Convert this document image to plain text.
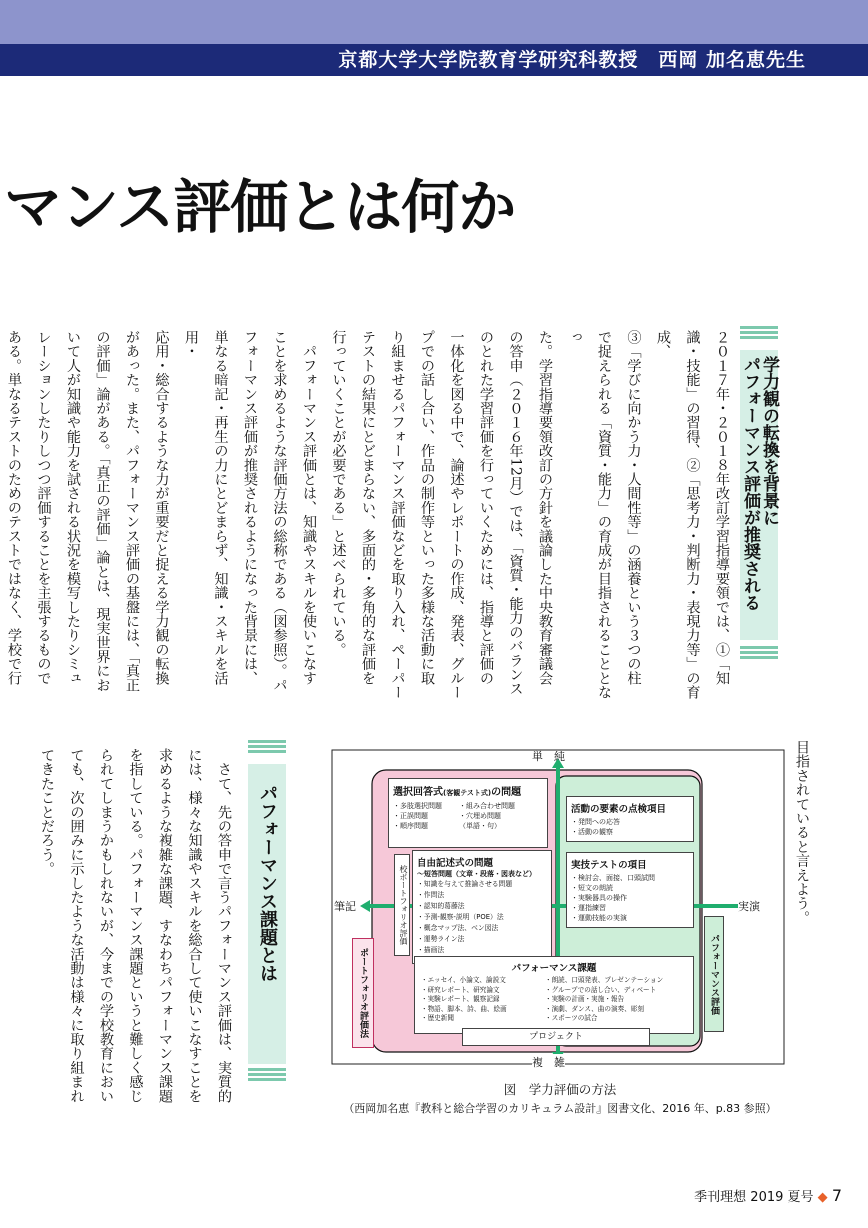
京都大学大学院教育学研究科教授　西岡 加名恵先生
マンス評価とは何か
学力観の転換を背景に
パフォーマンス評価が推奨される
２０１７年・２０１８年改訂学習指導要領では、①「知
識・技能」の習得、②「思考力・判断力・表現力等」の育成、
③「学びに向かう力・人間性等」の涵養という３つの柱
で捉えられる「資質・能力」の育成が目指されることとなっ
た。学習指導要領改訂の方針を議論した中央教育審議会
の答申（２０１６年12月）では、「資質・能力のバランス
のとれた学習評価を行っていくためには、指導と評価の
一体化を図る中で、論述やレポートの作成、発表、グルー
プでの話し合い、作品の制作等といった多様な活動に取
り組ませるパフォーマンス評価などを取り入れ、ペーパー
テストの結果にとどまらない、多面的・多角的な評価を
行っていくことが必要である」と述べられている。
　パフォーマンス評価とは、知識やスキルを使いこなす
ことを求めるような評価方法の総称である（図参照）。パ
フォーマンス評価が推奨されるようになった背景には、
単なる暗記・再生の力にとどまらず、知識・スキルを活用・
応用・総合するような力が重要だと捉える学力観の転換
があった。また、パフォーマンス評価の基盤には、「真正
の評価」論がある。「真正の評価」論とは、現実世界にお
いて人が知識や能力を試される状況を模写したりシミュ
レーションしたりしつつ評価することを主張するもので
ある。単なるテストのためのテストではなく、学校で行

目指されていると言えよう。
パフォーマンス課題とは
　さて、先の答申で言うパフォーマンス評価は、実質的
には、様々な知識やスキルを総合して使いこなすことを
求めるような複雑な課題、すなわちパフォーマンス課題
を指している。パフォーマンス課題というと難しく感じ
られてしまうかもしれないが、今までの学校教育におい
ても、次の囲みに示したような活動は様々に取り組まれ
てきたことだろう。	単　純
複　雑
筆記	実演
選択回答式(客観テスト式)の問題
・多肢選択問題
・正誤問題
・順序問題
・組み合わせ問題
・穴埋め問題
（単語・句）
活動の要素の点検項目
・発問への応答
・活動の観察
校ポートフォリオ評価
自由記述式の問題
〜短答問題（文章・段落・図表など）
・知識を与えて推論させる問題
・作問法
・認知的葛藤法
・予測‐観察‐説明（POE）法
・概念マップ法、ベン図法
・運勢ライン法
・描画法
実技テストの項目
・検討会、面接、口頭試問
・短文の朗読
・実験器具の操作
・運指練習
・運動技能の実演
ポートフォリオ評価法	パフォーマンス評価
パフォーマンス課題
・エッセイ、小論文、論説文
・研究レポート、研究論文
・実験レポート、観察記録
・物語、脚本、詩、曲、絵画
・歴史新聞
・朗読、口頭発表、プレゼンテーション
・グループでの話し合い、ディベート
・実験の計画・実施・報告
・演劇、ダンス、曲の演奏、彫刻
・スポーツの試合
プロジェクト
図　学力評価の方法
（西岡加名恵『教科と総合学習のカリキュラム設計』図書文化、2016 年、p.83 参照）
季刊理想 2019 夏号 ◆ 7
